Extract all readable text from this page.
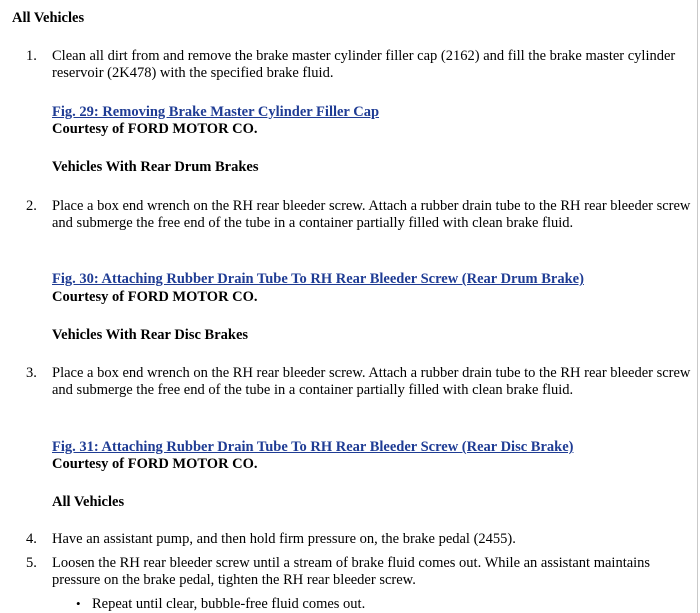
All Vehicles
1. Clean all dirt from and remove the brake master cylinder filler cap (2162) and fill the brake master cylinder reservoir (2K478) with the specified brake fluid.
Fig. 29: Removing Brake Master Cylinder Filler Cap
Courtesy of FORD MOTOR CO.
Vehicles With Rear Drum Brakes
2. Place a box end wrench on the RH rear bleeder screw. Attach a rubber drain tube to the RH rear bleeder screw and submerge the free end of the tube in a container partially filled with clean brake fluid.
Fig. 30: Attaching Rubber Drain Tube To RH Rear Bleeder Screw (Rear Drum Brake)
Courtesy of FORD MOTOR CO.
Vehicles With Rear Disc Brakes
3. Place a box end wrench on the RH rear bleeder screw. Attach a rubber drain tube to the RH rear bleeder screw and submerge the free end of the tube in a container partially filled with clean brake fluid.
Fig. 31: Attaching Rubber Drain Tube To RH Rear Bleeder Screw (Rear Disc Brake)
Courtesy of FORD MOTOR CO.
All Vehicles
4. Have an assistant pump, and then hold firm pressure on, the brake pedal (2455).
5. Loosen the RH rear bleeder screw until a stream of brake fluid comes out. While an assistant maintains pressure on the brake pedal, tighten the RH rear bleeder screw.
• Repeat until clear, bubble-free fluid comes out.
